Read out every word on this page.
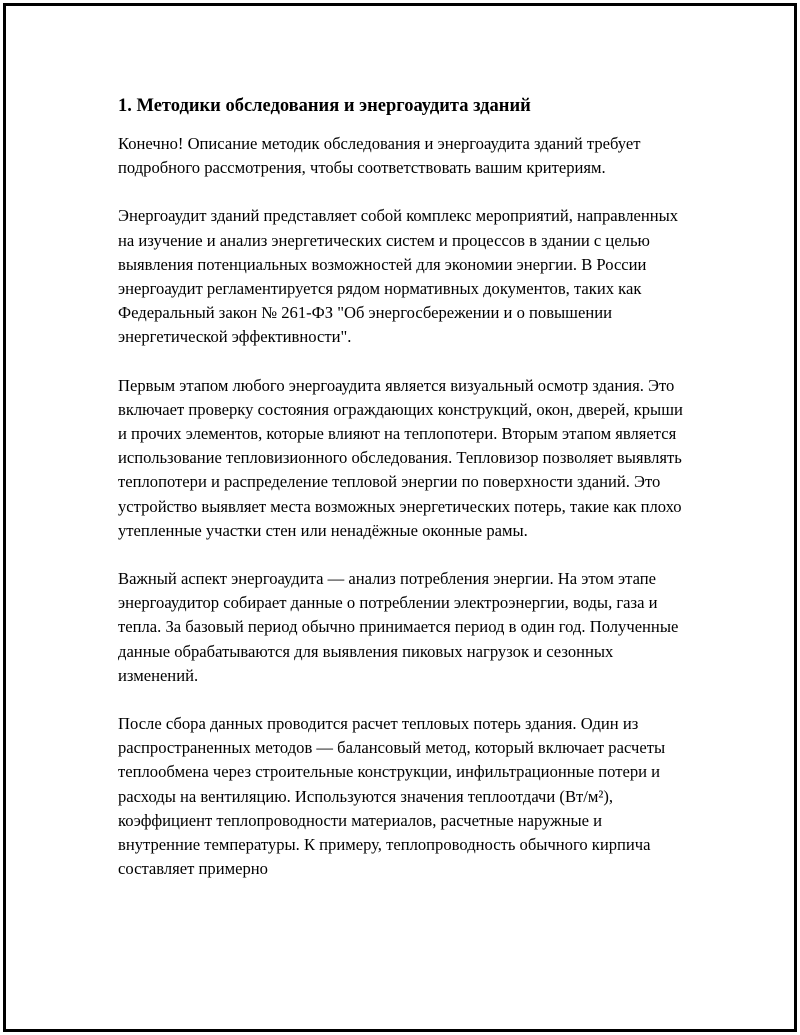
1. Методики обследования и энергоаудита зданий

Конечно! Описание методик обследования и энергоаудита зданий требует подробного рассмотрения, чтобы соответствовать вашим критериям.

Энергоаудит зданий представляет собой комплекс мероприятий, направленных на изучение и анализ энергетических систем и процессов в здании с целью выявления потенциальных возможностей для экономии энергии. В России энергоаудит регламентируется рядом нормативных документов, таких как Федеральный закон № 261-ФЗ "Об энергосбережении и о повышении энергетической эффективности".

Первым этапом любого энергоаудита является визуальный осмотр здания. Это включает проверку состояния ограждающих конструкций, окон, дверей, крыши и прочих элементов, которые влияют на теплопотери. Вторым этапом является использование тепловизионного обследования. Тепловизор позволяет выявлять теплопотери и распределение тепловой энергии по поверхности зданий. Это устройство выявляет места возможных энергетических потерь, такие как плохо утепленные участки стен или ненадёжные оконные рамы.

Важный аспект энергоаудита — анализ потребления энергии. На этом этапе энергоаудитор собирает данные о потреблении электроэнергии, воды, газа и тепла. За базовый период обычно принимается период в один год. Полученные данные обрабатываются для выявления пиковых нагрузок и сезонных изменений.

После сбора данных проводится расчет тепловых потерь здания. Один из распространенных методов — балансовый метод, который включает расчеты теплообмена через строительные конструкции, инфильтрационные потери и расходы на вентиляцию. Используются значения теплоотдачи (Вт/м²), коэффициент теплопроводности материалов, расчетные наружные и внутренние температуры. К примеру, теплопроводность обычного кирпича составляет примерно
